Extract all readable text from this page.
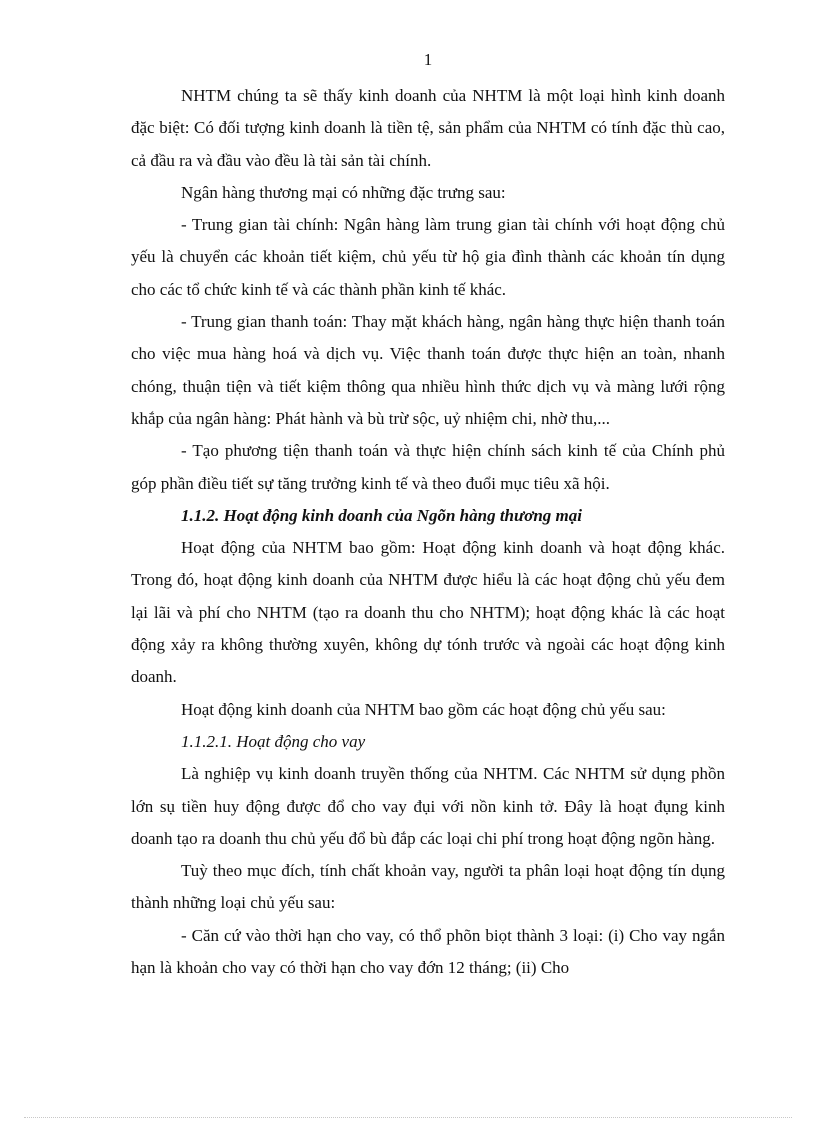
1

NHTM chúng ta sẽ thấy kinh doanh của NHTM là một loại hình kinh doanh đặc biệt: Có đối tượng kinh doanh là tiền tệ, sản phẩm của NHTM có tính đặc thù cao, cả đầu ra và đầu vào đều là tài sản tài chính.

Ngân hàng thương mại có những đặc trưng sau:

- Trung gian tài chính: Ngân hàng làm trung gian tài chính với hoạt động chủ yếu là chuyển các khoản tiết kiệm, chủ yếu từ hộ gia đình thành các khoản tín dụng cho các tổ chức kinh tế và các thành phần kinh tế khác.

- Trung gian thanh toán: Thay mặt khách hàng, ngân hàng thực hiện thanh toán cho việc mua hàng hoá và dịch vụ. Việc thanh toán được thực hiện an toàn, nhanh chóng, thuận tiện và tiết kiệm thông qua nhiều hình thức dịch vụ và màng lưới rộng khắp của ngân hàng: Phát hành và bù trừ sộc, uỷ nhiệm chi, nhờ thu,...

- Tạo phương tiện thanh toán và thực hiện chính sách kinh tế của Chính phủ góp phần điều tiết sự tăng trưởng kinh tế và theo đuổi mục tiêu xã hội.

1.1.2. Hoạt động kinh doanh của Ngõn hàng thương mại

Hoạt động của NHTM bao gồm: Hoạt động kinh doanh và hoạt động khác. Trong đó, hoạt động kinh doanh của NHTM được hiểu là các hoạt động chủ yếu đem lại lãi và phí cho NHTM (tạo ra doanh thu cho NHTM); hoạt động khác là các hoạt động xảy ra không thường xuyên, không dự tónh trước và ngoài các hoạt động kinh doanh.

Hoạt động kinh doanh của NHTM bao gồm các hoạt động chủ yếu sau:

1.1.2.1. Hoạt động cho vay

Là nghiệp vụ kinh doanh truyền thống của NHTM. Các NHTM sử dụng phồn lớn sụ tiền huy động được đổ cho vay đụi với nồn kinh tở. Đây là hoạt đụng kinh doanh tạo ra doanh thu chủ yếu đổ bù đắp các loại chi phí trong hoạt động ngõn hàng.

Tuỳ theo mục đích, tính chất khoản vay, người ta phân loại hoạt động tín dụng thành những loại chủ yếu sau:

- Căn cứ vào thời hạn cho vay, có thổ phõn biọt thành 3 loại: (i) Cho vay ngắn hạn là khoản cho vay có thời hạn cho vay đớn 12 tháng; (ii) Cho
